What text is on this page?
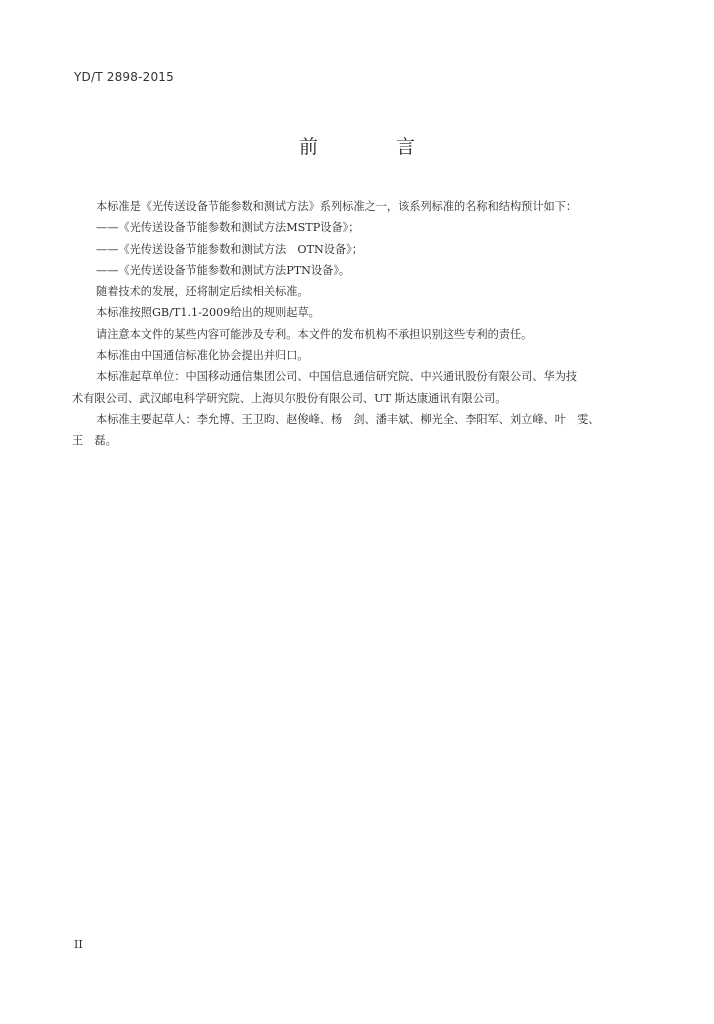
YD/T 2898-2015
前 言

本标准是《光传送设备节能参数和测试方法》系列标准之一，该系列标准的名称和结构预计如下：

——《光传送设备节能参数和测试方法MSTP设备》；

——《光传送设备节能参数和测试方法　OTN设备》；

——《光传送设备节能参数和测试方法PTN设备》。

随着技术的发展，还将制定后续相关标准。

本标准按照GB/T1.1-2009给出的规则起草。

请注意本文件的某些内容可能涉及专利。本文件的发布机构不承担识别这些专利的责任。

本标准由中国通信标准化协会提出并归口。

本标准起草单位：中国移动通信集团公司、中国信息通信研究院、中兴通讯股份有限公司、华为技
术有限公司、武汉邮电科学研究院、上海贝尔股份有限公司、UT 斯达康通讯有限公司。

本标准主要起草人：李允博、王卫昀、赵俊峰、杨　剑、潘丰斌、柳光全、李阳军、刘立峰、叶　雯、
王　磊。

II
